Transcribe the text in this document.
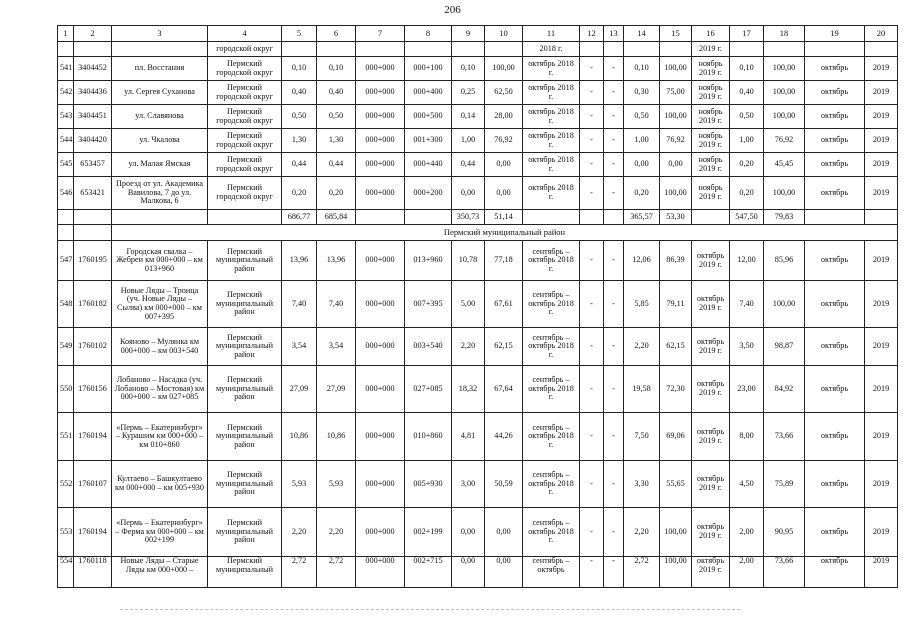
206
1	2	3	4	5	6	7	8	9	10	11	12	13	14	15	16	17	18	19	20
			городской округ							2018 г.					2019 г.				
541	3404452	пл. Восстания	Пермский городской округ	0,10	0,10	000+000	000+100	0,10	100,00	октябрь 2018 г.	-	-	0,10	100,00	ноябрь 2019 г.	0,10	100,00	октябрь	2019
542	3404436	ул. Сергея Суханова	Пермский городской округ	0,40	0,40	000+000	000+400	0,25	62,50	октябрь 2018 г.	-	-	0,30	75,00	ноябрь 2019 г.	0,40	100,00	октябрь	2019
543	3404451	ул. Славянова	Пермский городской округ	0,50	0,50	000+000	000+500	0,14	28,00	октябрь 2018 г.	-	-	0,50	100,00	ноябрь 2019 г.	0,50	100,00	октябрь	2019
544	3404420	ул. Чкалова	Пермский городской округ	1,30	1,30	000+000	001+300	1,00	76,92	октябрь 2018 г.	-	-	1,00	76,92	ноябрь 2019 г.	1,00	76,92	октябрь	2019
545	653457	ул. Малая Ямская	Пермский городской округ	0,44	0,44	000+000	000+440	0,44	0,00	октябрь 2018 г.	-	-	0,00	0,00	ноябрь 2019 г.	0,20	45,45	октябрь	2019
546	653421	Проезд от ул. Академика Вавилова, 7 до ул. Малкова, 6	Пермский городской округ	0,20	0,20	000+000	000+200	0,00	0,00	октябрь 2018 г.	-	-	0,20	100,00	ноябрь 2019 г.	0,20	100,00	октябрь	2019
				686,77	685,84			350,73	51,14				365,57	53,30		547,50	79,83		
		Пермский муниципальный район																	
547	1760195	Городская свалка – Жебреи км 000+000 – км 013+960	Пермский муниципальный район	13,96	13,96	000+000	013+960	10,78	77,18	сентябрь – октябрь 2018 г.	-	-	12,06	86,39	октябрь 2019 г.	12,00	85,96	октябрь	2019
548	1760182	Новые Ляды – Троица (уч. Новые Ляды – Сылва) км 000+000 – км 007+395	Пермский муниципальный район	7,40	7,40	000+000	007+395	5,00	67,61	сентябрь – октябрь 2018 г.	-	-	5,85	79,11	октябрь 2019 г.	7,40	100,00	октябрь	2019
549	1760102	Кояново – Мулянка км 000+000 – км 003+540	Пермский муниципальный район	3,54	3,54	000+000	003+540	2,20	62,15	сентябрь – октябрь 2018 г.	-	-	2,20	62,15	октябрь 2019 г.	3,50	98,87	октябрь	2019
550	1760156	Лобаново – Насадка (уч. Лобаново – Мостовая) км 000+000 – км 027+085	Пермский муниципальный район	27,09	27,09	000+000	027+085	18,32	67,64	сентябрь – октябрь 2018 г.	-	-	19,58	72,30	октябрь 2019 г.	23,00	84,92	октябрь	2019
551	1760194	«Пермь – Екатеринбург» – Курашим км 000+000 – км 010+860	Пермский муниципальный район	10,86	10,86	000+000	010+860	4,81	44,26	сентябрь – октябрь 2018 г.	-	-	7,50	69,06	октябрь 2019 г.	8,00	73,66	октябрь	2019
552	1760107	Култаево – Башкултаево км 000+000 – км 005+930	Пермский муниципальный район	5,93	5,93	000+000	005+930	3,00	50,59	сентябрь – октябрь 2018 г.	-	-	3,30	55,65	октябрь 2019 г.	4,50	75,89	октябрь	2019
553	1760194	«Пермь – Екатеринбург» – Ферма км 000+000 – км 002+199	Пермский муниципальный район	2,20	2,20	000+000	002+199	0,00	0,00	сентябрь – октябрь 2018 г.	-	-	2,20	100,00	октябрь 2019 г.	2,00	90,95	октябрь	2019
554	1760118	Новые Ляды – Старые Ляды км 000+000 –	Пермский муниципальный	2,72	2,72	000+000	002+715	0,00	0,00	сентябрь – октябрь	-	-	2,72	100,00	октябрь 2019 г.	2,00	73,66	октябрь	2019
